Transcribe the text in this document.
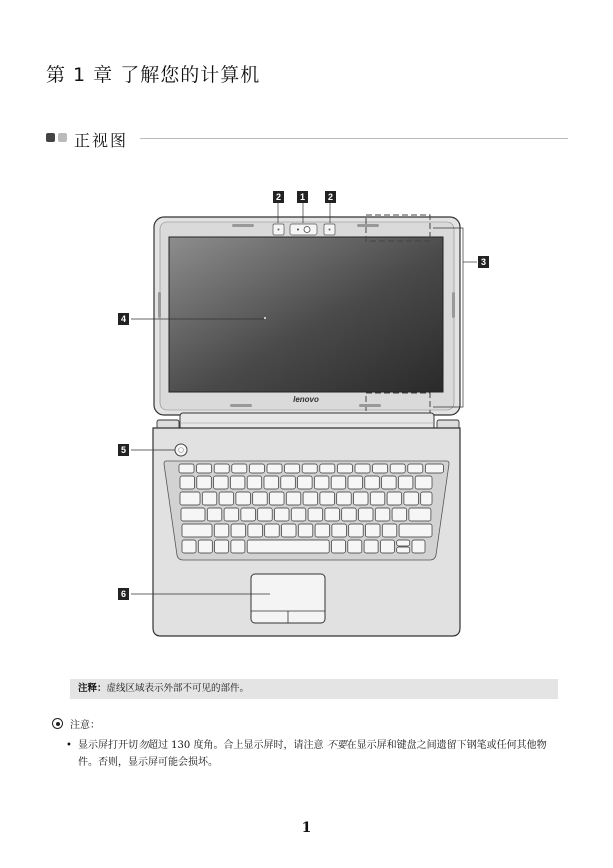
第 1 章 了解您的计算机
正视图
lenovo
2	1	2
3
4
5
6
注释：虚线区域表示外部不可见的部件。
注意：
• 显示屏打开切勿超过 130 度角。合上显示屏时，请注意 不要在显示屏和键盘之间遗留下钢笔或任何其他物件。否则，显示屏可能会损坏。
1
